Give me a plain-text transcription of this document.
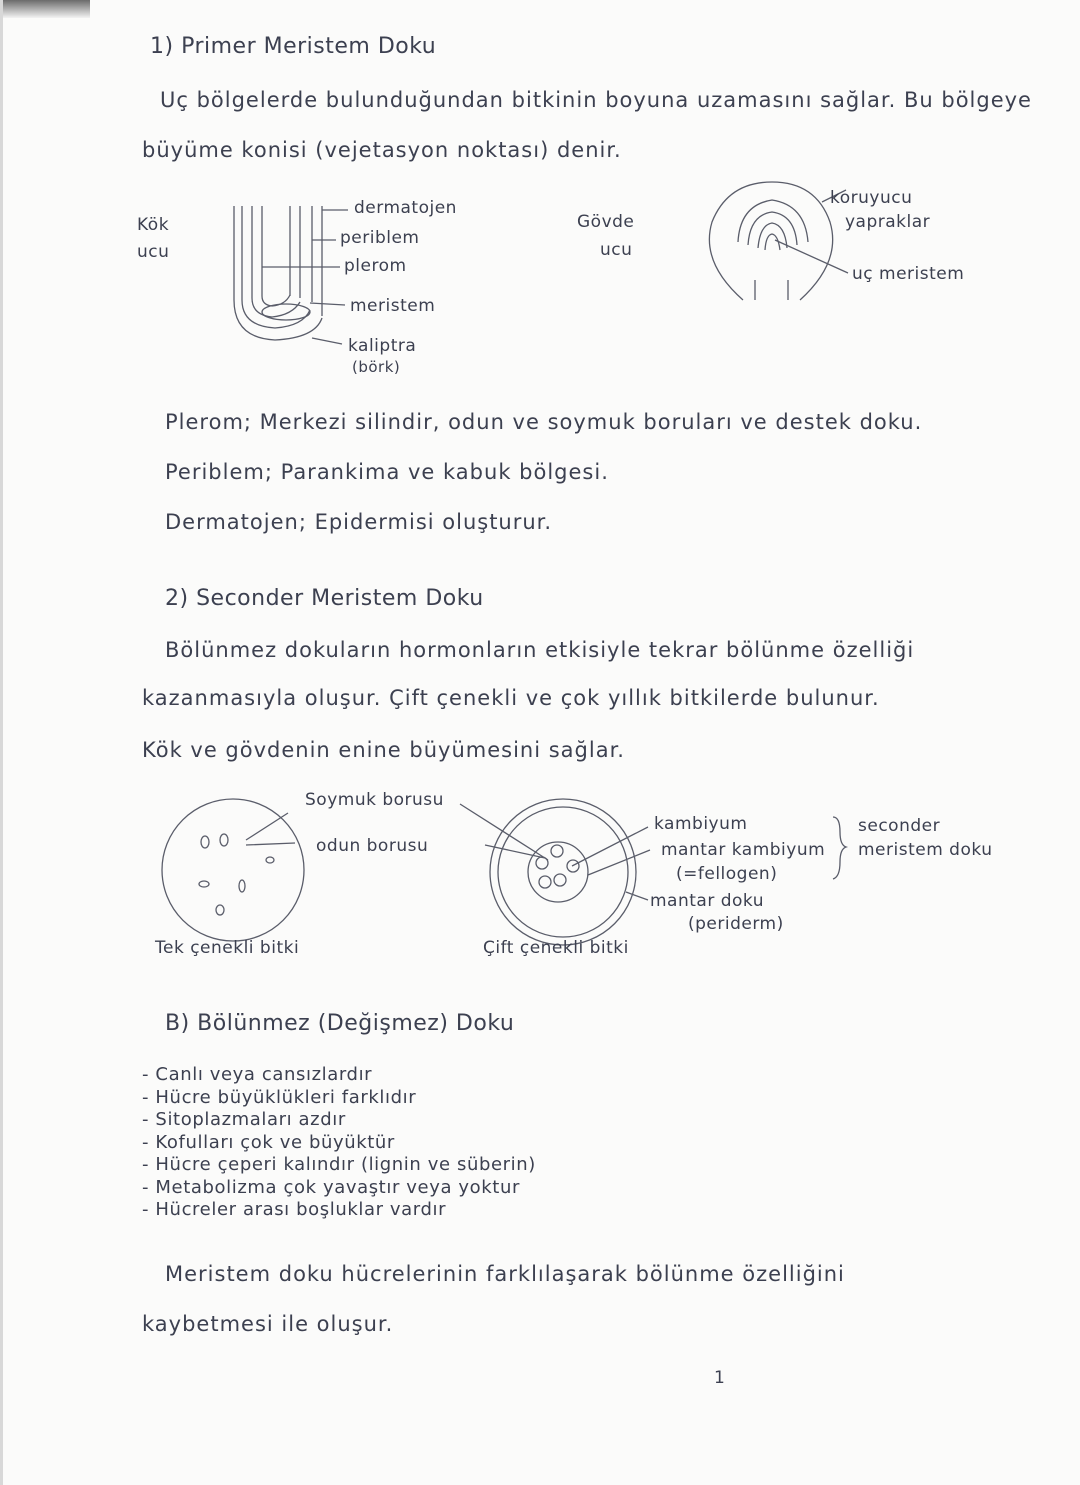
1) Primer Meristem Doku
Uç bölgelerde bulunduğundan bitkinin boyuna uzamasını sağlar. Bu bölgeye
büyüme konisi (vejetasyon noktası) denir.
Kök
ucu
dermatojen
periblem
plerom
meristem
kaliptra
(börk)
Gövde
ucu
koruyucu
yapraklar
uç meristem
Plerom; Merkezi silindir, odun ve soymuk boruları ve destek doku.
Periblem; Parankima ve kabuk bölgesi.
Dermatojen; Epidermisi oluşturur.
2) Seconder Meristem Doku
Bölünmez dokuların hormonların etkisiyle tekrar bölünme özelliği
kazanmasıyla oluşur. Çift çenekli ve çok yıllık bitkilerde bulunur.
Kök ve gövdenin enine büyümesini sağlar.
Soymuk borusu
odun borusu
kambiyum
mantar kambiyum
(=fellogen)
mantar doku
(periderm)
seconder
meristem doku
Tek çenekli bitki	Çift çenekli bitki
B) Bölünmez (Değişmez) Doku
- Canlı veya cansızlardır
- Hücre büyüklükleri farklıdır
- Sitoplazmaları azdır
- Kofulları çok ve büyüktür
- Hücre çeperi kalındır (lignin ve süberin)
- Metabolizma çok yavaştır veya yoktur
- Hücreler arası boşluklar vardır
Meristem doku hücrelerinin farklılaşarak bölünme özelliğini
kaybetmesi ile oluşur.
1
